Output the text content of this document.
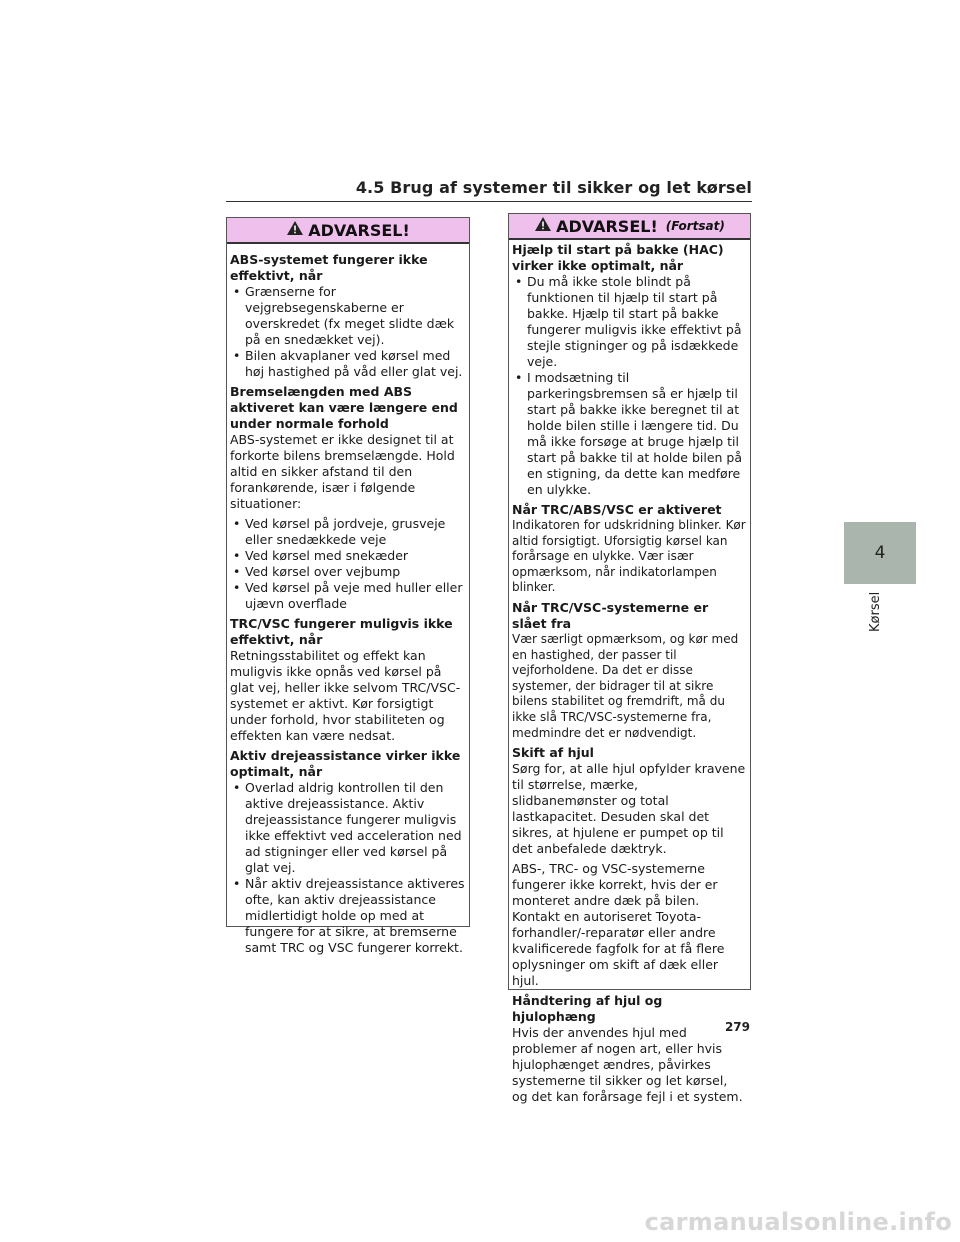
4.5 Brug af systemer til sikker og let kørsel
ADVARSEL!

ABS-systemet fungerer ikke effektivt, når

• Grænserne for vejgrebsegenskaberne er overskredet (fx meget slidte dæk på en snedækket vej).
• Bilen akvaplaner ved kørsel med høj hastighed på våd eller glat vej.

Bremselængden med ABS aktiveret kan være længere end under normale forhold

ABS-systemet er ikke designet til at forkorte bilens bremselængde. Hold altid en sikker afstand til den forankørende, især i følgende situationer:

• Ved kørsel på jordveje, grusveje eller snedækkede veje
• Ved kørsel med snekæder
• Ved kørsel over vejbump
• Ved kørsel på veje med huller eller ujævn overflade

TRC/VSC fungerer muligvis ikke effektivt, når

Retningsstabilitet og effekt kan muligvis ikke opnås ved kørsel på glat vej, heller ikke selvom TRC/VSC-systemet er aktivt. Kør forsigtigt under forhold, hvor stabiliteten og effekten kan være nedsat.

Aktiv drejeassistance virker ikke optimalt, når

• Overlad aldrig kontrollen til den aktive drejeassistance. Aktiv drejeassistance fungerer muligvis ikke effektivt ved acceleration ned ad stigninger eller ved kørsel på glat vej.
• Når aktiv drejeassistance aktiveres ofte, kan aktiv drejeassistance midlertidigt holde op med at fungere for at sikre, at bremserne samt TRC og VSC fungerer korrekt.
ADVARSEL! (Fortsat)

Hjælp til start på bakke (HAC) virker ikke optimalt, når

• Du må ikke stole blindt på funktionen til hjælp til start på bakke. Hjælp til start på bakke fungerer muligvis ikke effektivt på stejle stigninger og på isdækkede veje.
• I modsætning til parkeringsbremsen så er hjælp til start på bakke ikke beregnet til at holde bilen stille i længere tid. Du må ikke forsøge at bruge hjælp til start på bakke til at holde bilen på en stigning, da dette kan medføre en ulykke.

Når TRC/ABS/VSC er aktiveret

Indikatoren for udskridning blinker. Kør altid forsigtigt. Uforsigtig kørsel kan forårsage en ulykke. Vær især opmærksom, når indikatorlampen blinker.

Når TRC/VSC-systemerne er slået fra

Vær særligt opmærksom, og kør med en hastighed, der passer til vejforholdene. Da det er disse systemer, der bidrager til at sikre bilens stabilitet og fremdrift, må du ikke slå TRC/VSC-systemerne fra, medmindre det er nødvendigt.

Skift af hjul

Sørg for, at alle hjul opfylder kravene til størrelse, mærke, slidbanemønster og total lastkapacitet. Desuden skal det sikres, at hjulene er pumpet op til det anbefalede dæktryk.

ABS-, TRC- og VSC-systemerne fungerer ikke korrekt, hvis der er monteret andre dæk på bilen. Kontakt en autoriseret Toyota-forhandler/-reparatør eller andre kvalificerede fagfolk for at få flere oplysninger om skift af dæk eller hjul.

Håndtering af hjul og hjulophæng

Hvis der anvendes hjul med problemer af nogen art, eller hvis hjulophænget ændres, påvirkes systemerne til sikker og let kørsel, og det kan forårsage fejl i et system.

4
Kørsel
279
carmanualsonline.info
